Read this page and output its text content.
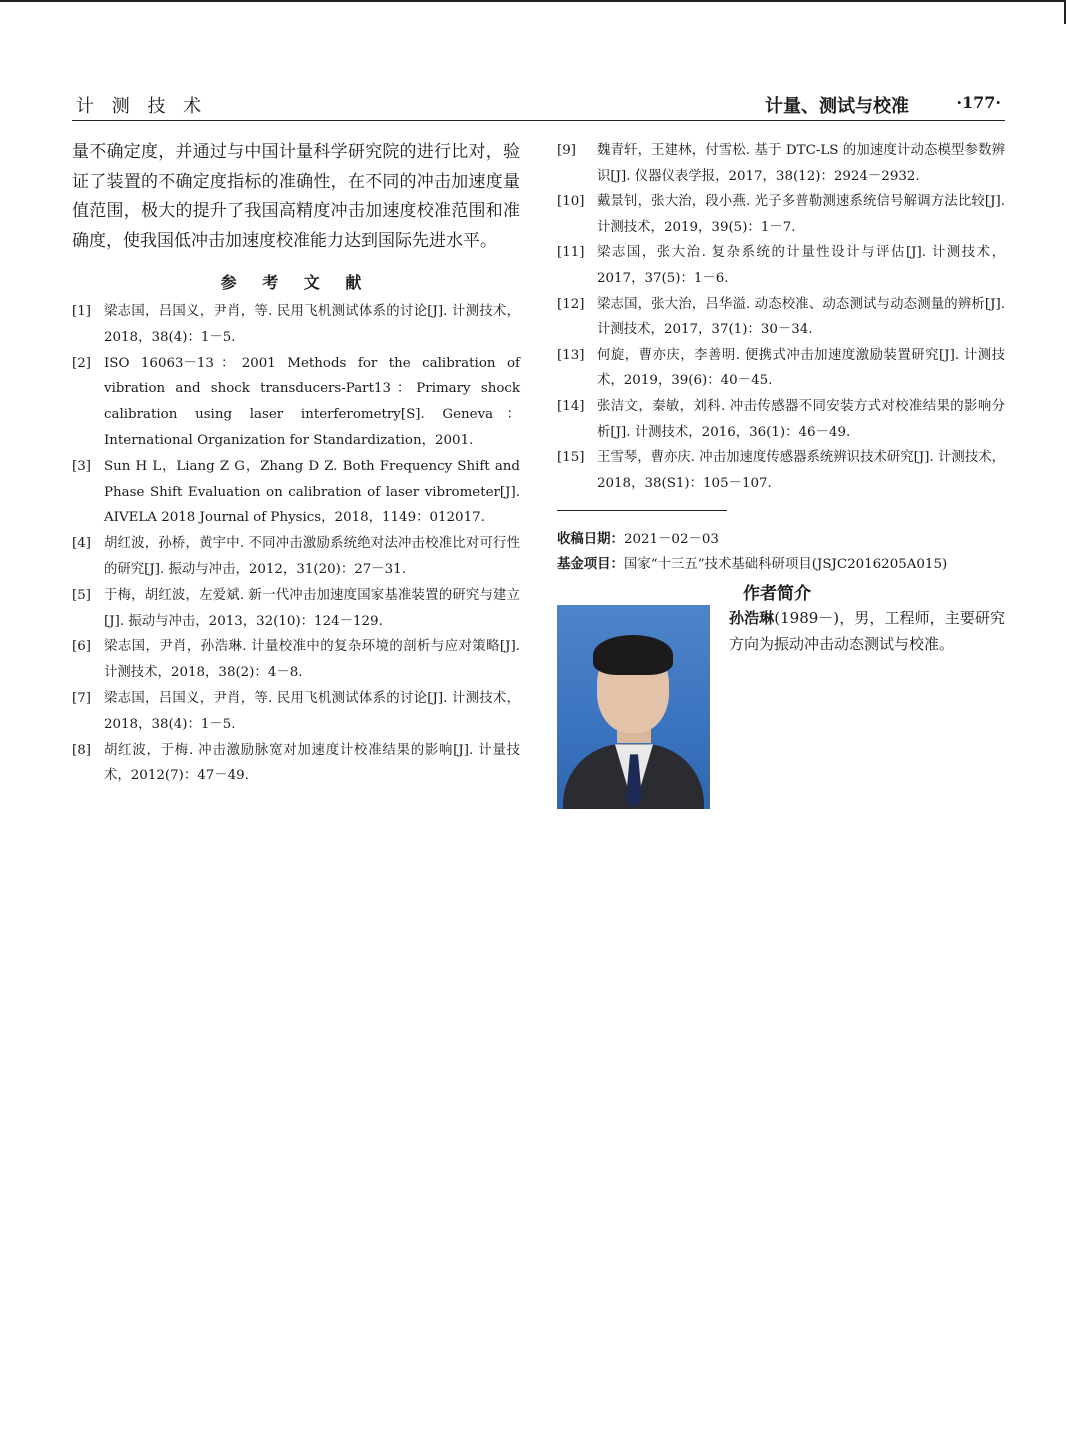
计 测 技 术	计量、测试与校准	·177·

量不确定度，并通过与中国计量科学研究院的进行比对，验证了装置的不确定度指标的准确性，在不同的冲击加速度量值范围，极大的提升了我国高精度冲击加速度校准范围和准确度，使我国低冲击加速度校准能力达到国际先进水平。

参 考 文 献

[1] 梁志国，吕国义，尹肖，等. 民用飞机测试体系的讨论[J]. 计测技术，2018，38(4)：1－5.

[2] ISO 16063－13：2001 Methods for the calibration of vibration and shock transducers-Part13：Primary shock calibration using laser interferometry[S]. Geneva：International Organization for Standardization，2001.

[3] Sun H L，Liang Z G，Zhang D Z. Both Frequency Shift and Phase Shift Evaluation on calibration of laser vibrometer[J]. AIVELA 2018 Journal of Physics，2018，1149：012017.

[4] 胡红波，孙桥，黄宇中. 不同冲击激励系统绝对法冲击校准比对可行性的研究[J]. 振动与冲击，2012，31(20)：27－31.

[5] 于梅，胡红波，左爱斌. 新一代冲击加速度国家基准装置的研究与建立[J]. 振动与冲击，2013，32(10)：124－129.

[6] 梁志国，尹肖，孙浩琳. 计量校准中的复杂环境的剖析与应对策略[J]. 计测技术，2018，38(2)：4－8.

[7] 梁志国，吕国义，尹肖，等. 民用飞机测试体系的讨论[J]. 计测技术，2018，38(4)：1－5.

[8] 胡红波，于梅. 冲击激励脉宽对加速度计校准结果的影响[J]. 计量技术，2012(7)：47－49.

[9] 魏青轩，王建林，付雪松. 基于 DTC-LS 的加速度计动态模型参数辨识[J]. 仪器仪表学报，2017，38(12)：2924－2932.

[10] 戴景钊，张大治，段小燕. 光子多普勒测速系统信号解调方法比较[J]. 计测技术，2019，39(5)：1－7.

[11] 梁志国，张大治. 复杂系统的计量性设计与评估[J]. 计测技术，2017，37(5)：1－6.

[12] 梁志国，张大治，吕华溢. 动态校准、动态测试与动态测量的辨析[J]. 计测技术，2017，37(1)：30－34.

[13] 何旋，曹亦庆，李善明. 便携式冲击加速度激励装置研究[J]. 计测技术，2019，39(6)：40－45.

[14] 张洁文，秦敏，刘科. 冲击传感器不同安装方式对校准结果的影响分析[J]. 计测技术，2016，36(1)：46－49.

[15] 王雪琴，曹亦庆. 冲击加速度传感器系统辨识技术研究[J]. 计测技术，2018，38(S1)：105－107.

收稿日期：2021－02－03

基金项目：国家“十三五”技术基础科研项目(JSJC2016205A015)

作者简介

孙浩琳(1989－)，男，工程师，主要研究方向为振动冲击动态测试与校准。
